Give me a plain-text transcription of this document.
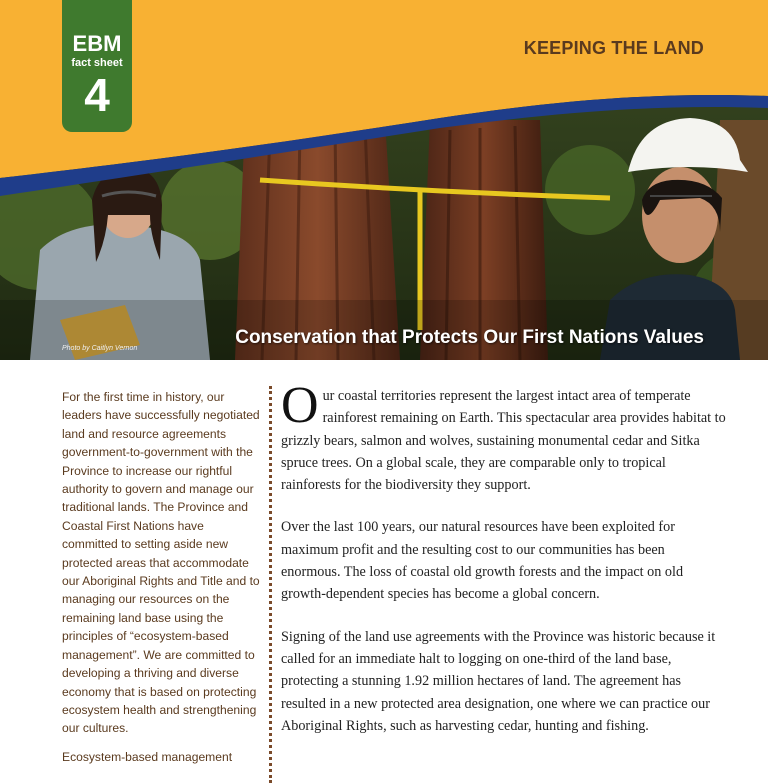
EBM
fact sheet
4
KEEPING THE LAND
Photo by Caitlyn Vernon
Conservation that Protects Our First Nations Values

For the first time in history, our leaders have successfully negotiated land and resource agreements government-to-government with the Province to increase our rightful authority to govern and manage our traditional lands. The Province and Coastal First Nations have committed to setting aside new protected areas that accommodate our Aboriginal Rights and Title and to managing our resources on the remaining land base using the principles of “ecosystem-based management”. We are committed to developing a thriving and diverse economy that is based on protecting ecosystem health and strengthening our cultures.

Ecosystem-based management

Our coastal territories represent the largest intact area of temperate rainforest remaining on Earth. This spectacular area provides habitat to grizzly bears, salmon and wolves, sustaining monumental cedar and Sitka spruce trees. On a global scale, they are comparable only to tropical rainforests for the biodiversity they support.

Over the last 100 years, our natural resources have been exploited for maximum profit and the resulting cost to our communities has been enormous. The loss of coastal old growth forests and the impact on old growth-dependent species has become a global concern.

Signing of the land use agreements with the Province was historic because it called for an immediate halt to logging on one-third of the land base, protecting a stunning 1.92 million hectares of land. The agreement has resulted in a new protected area designation, one where we can practice our Aboriginal Rights, such as harvesting cedar, hunting and fishing.
